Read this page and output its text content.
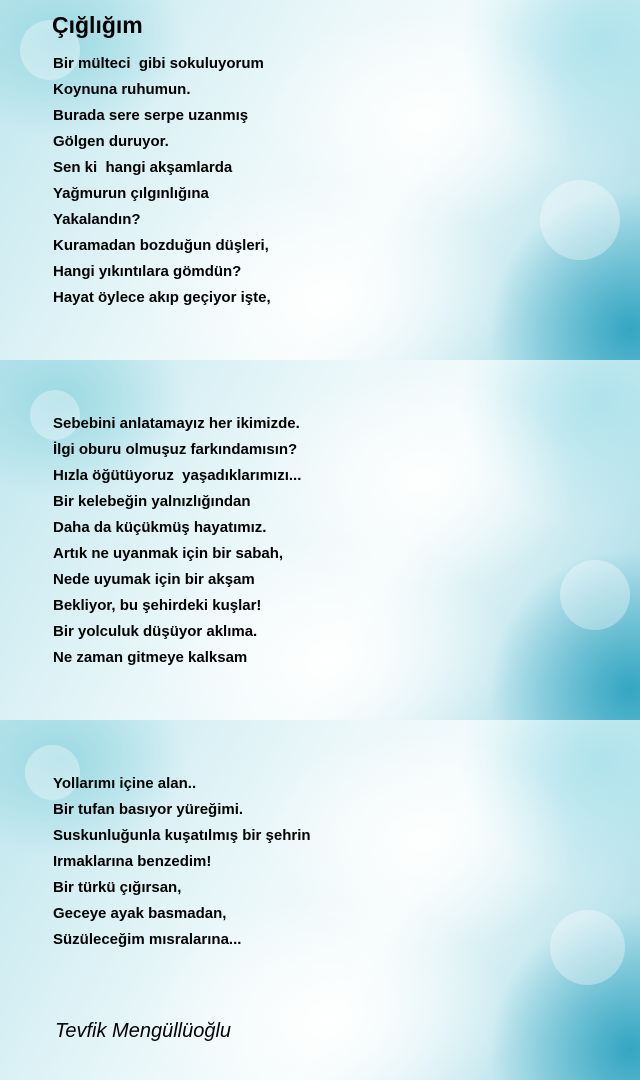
Çığlığım
Bir mülteci  gibi sokuluyorum
Koynuna ruhumun.
Burada sere serpe uzanmış
Gölgen duruyor.
Sen ki  hangi akşamlarda
Yağmurun çılgınlığına
Yakalandın?
Kuramadan bozduğun düşleri,
Hangi yıkıntılara gömdün?
Hayat öylece akıp geçiyor işte,
Sebebini anlatamayız her ikimizde.
İlgi oburu olmuşuz farkındamısın?
Hızla öğütüyoruz  yaşadıklarımızı...
Bir kelebeğin yalnızlığından
Daha da küçükmüş hayatımız.
Artık ne uyanmak için bir sabah,
Nede uyumak için bir akşam
Bekliyor, bu şehirdeki kuşlar!
Bir yolculuk düşüyor aklıma.
Ne zaman gitmeye kalksam
Yollarımı içine alan..
Bir tufan basıyor yüreğimi.
Suskunluğunla kuşatılmış bir şehrin
Irmaklarına benzedim!
Bir türkü çığırsan,
Geceye ayak basmadan,
Süzüleceğim mısralarına...
Tevfik Mengüllüoğlu
